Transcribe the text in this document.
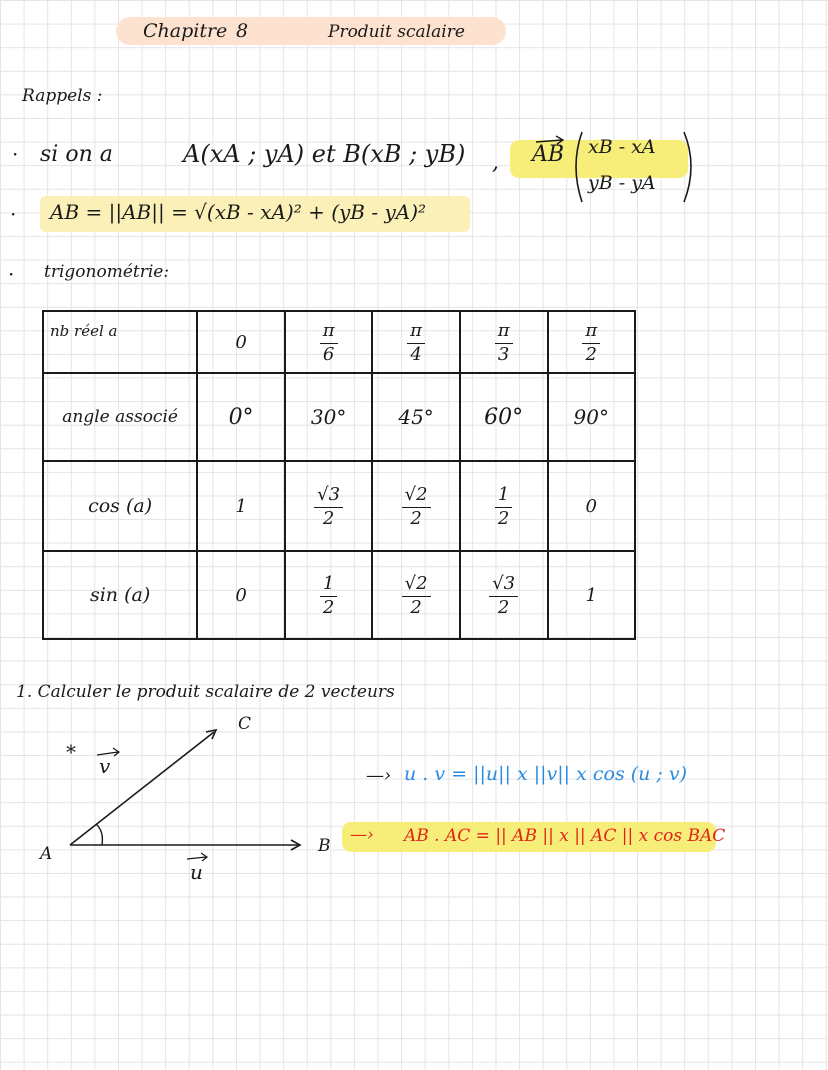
Chapitre 8	Produit scalaire
Rappels :
· si on a	A(xA ; yA) et B(xB ; yB) , AB xB - xA
yB - yA
· AB = ||AB|| = √(xB - xA)² + (yB - yA)²
· trigonométrie:
nb réel a	0	$\frac{\pi}{6}$	$\frac{\pi}{4}$	$\frac{\pi}{3}$	$\frac{\pi}{2}$

angle associé	0°	30°	45°	60°	90°
cos (a)	1	$\frac{√3}{2}$	$\frac{√2}{2}$	$\frac{1}{2}$	0
sin (a)	0	$\frac{1}{2}$	$\frac{√2}{2}$	$\frac{√3}{2}$	1
1. Calculer le produit scalaire de 2 vecteurs
*
v
C
A	B
u
—› u . v = ||u|| x ||v|| x cos (u ; v)
—› AB . AC = || AB || x || AC || x cos BAC
